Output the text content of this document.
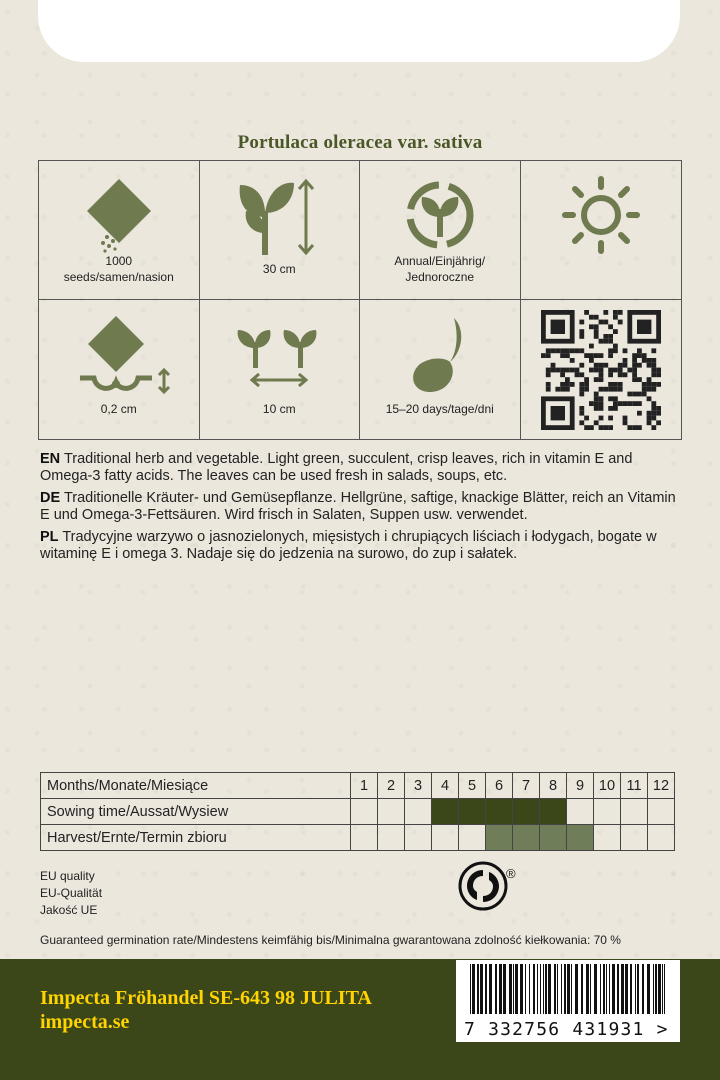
Portulaca oleracea var. sativa
1000
seeds/samen/nasion
30 cm
Annual/Einjährig/
Jednoroczne
0,2 cm	10 cm	15–20 days/tage/dni

EN Traditional herb and vegetable. Light green, succulent, crisp leaves, rich in vitamin E and Omega-3 fatty acids. The leaves can be used fresh in salads, soups, etc.

DE Traditionelle Kräuter- und Gemüsepflanze. Hellgrüne, saftige, knackige Blätter, reich an Vitamin E und Omega-3-Fettsäuren. Wird frisch in Salaten, Suppen usw. verwendet.

PL Tradycyjne warzywo o jasnozielonych, mięsistych i chrupiących liściach i łodygach, bogate w witaminę E i omega 3. Nadaje się do jedzenia na surowo, do zup i sałatek.

Months/Monate/Miesiące	1	2	3	4	5	6	7	8	9	10	11	12
Sowing time/Aussat/Wysiew												
Harvest/Ernte/Termin zbioru												
EU quality
EU-Qualität
Jakość UE
®
Guaranteed germination rate/Mindestens keimfähig bis/Minimalna gwarantowana zdolność kiełkowania: 70 %
Impecta Fröhandel SE-643 98 JULITA
impecta.se	7 332756 431931 >
